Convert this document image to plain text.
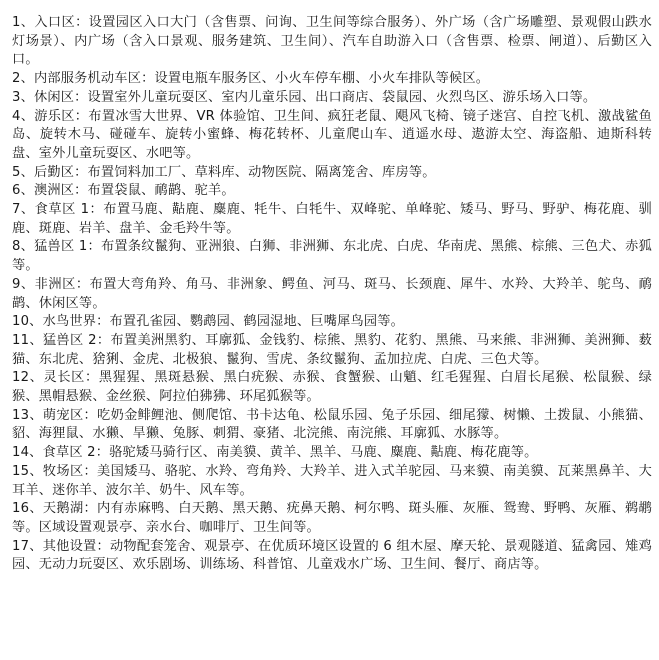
1、入口区：设置园区入口大门（含售票、问询、卫生间等综合服务）、外广场（含广场雕塑、景观假山跌水灯场景）、内广场（含入口景观、服务建筑、卫生间）、汽车自助游入口（含售票、检票、闸道）、后勤区入口。

2、内部服务机动车区：设置电瓶车服务区、小火车停车棚、小火车排队等候区。

3、休闲区：设置室外儿童玩耍区、室内儿童乐园、出口商店、袋鼠园、火烈鸟区、游乐场入口等。

4、游乐区：布置冰雪大世界、VR 体验馆、卫生间、疯狂老鼠、飓风飞椅、镜子迷宫、自控飞机、激战鲨鱼岛、旋转木马、碰碰车、旋转小蜜蜂、梅花转杯、儿童爬山车、逍遥水母、遨游太空、海盗船、迪斯科转盘、室外儿童玩耍区、水吧等。

5、后勤区：布置饲料加工厂、草料库、动物医院、隔离笼舍、库房等。

6、澳洲区：布置袋鼠、鸸鹋、驼羊。

7、食草区 1：布置马鹿、黇鹿、麋鹿、牦牛、白牦牛、双峰驼、单峰驼、矮马、野马、野驴、梅花鹿、驯鹿、斑鹿、岩羊、盘羊、金毛羚牛等。

8、猛兽区 1：布置条纹鬣狗、亚洲狼、白狮、非洲狮、东北虎、白虎、华南虎、黑熊、棕熊、三色犬、赤狐等。

9、非洲区：布置大弯角羚、角马、非洲象、鳄鱼、河马、斑马、长颈鹿、犀牛、水羚、大羚羊、鸵鸟、鸸鹋、休闲区等。

10、水鸟世界：布置孔雀园、鹦鹉园、鹤园湿地、巨嘴犀鸟园等。

11、猛兽区 2：布置美洲黑豹、耳廓狐、金钱豹、棕熊、黑豹、花豹、黑熊、马来熊、非洲狮、美洲狮、薮猫、东北虎、猞猁、金虎、北极狼、鬣狗、雪虎、条纹鬣狗、孟加拉虎、白虎、三色犬等。

12、灵长区：黑猩猩、黑斑悬猴、黑白疣猴、赤猴、食蟹猴、山魈、红毛猩猩、白眉长尾猴、松鼠猴、绿猴、黑帽悬猴、金丝猴、阿拉伯狒狒、环尾狐猴等。

13、萌宠区：吃奶金鲱鲤池、侧爬馆、书卡达龟、松鼠乐园、兔子乐园、细尾獴、树懒、土拨鼠、小熊猫、貂、海狸鼠、水獭、旱獭、兔豚、刺猬、豪猪、北浣熊、南浣熊、耳廓狐、水豚等。

14、食草区 2：骆驼矮马骑行区、南美貘、黄羊、黑羊、马鹿、麋鹿、黇鹿、梅花鹿等。

15、牧场区：美国矮马、骆驼、水羚、弯角羚、大羚羊、进入式羊驼园、马来貘、南美貘、瓦莱黑鼻羊、大耳羊、迷你羊、波尔羊、奶牛、风车等。

16、天鹅湖：内有赤麻鸭、白天鹅、黑天鹅、疣鼻天鹅、柯尔鸭、斑头雁、灰雁、鸳鸯、野鸭、灰雁、鹈鹕等。区域设置观景亭、亲水台、咖啡厅、卫生间等。

17、其他设置：动物配套笼舍、观景亭、在优质环境区设置的 6 组木屋、摩天轮、景观隧道、猛禽园、雉鸡园、无动力玩耍区、欢乐剧场、训练场、科普馆、儿童戏水广场、卫生间、餐厅、商店等。
